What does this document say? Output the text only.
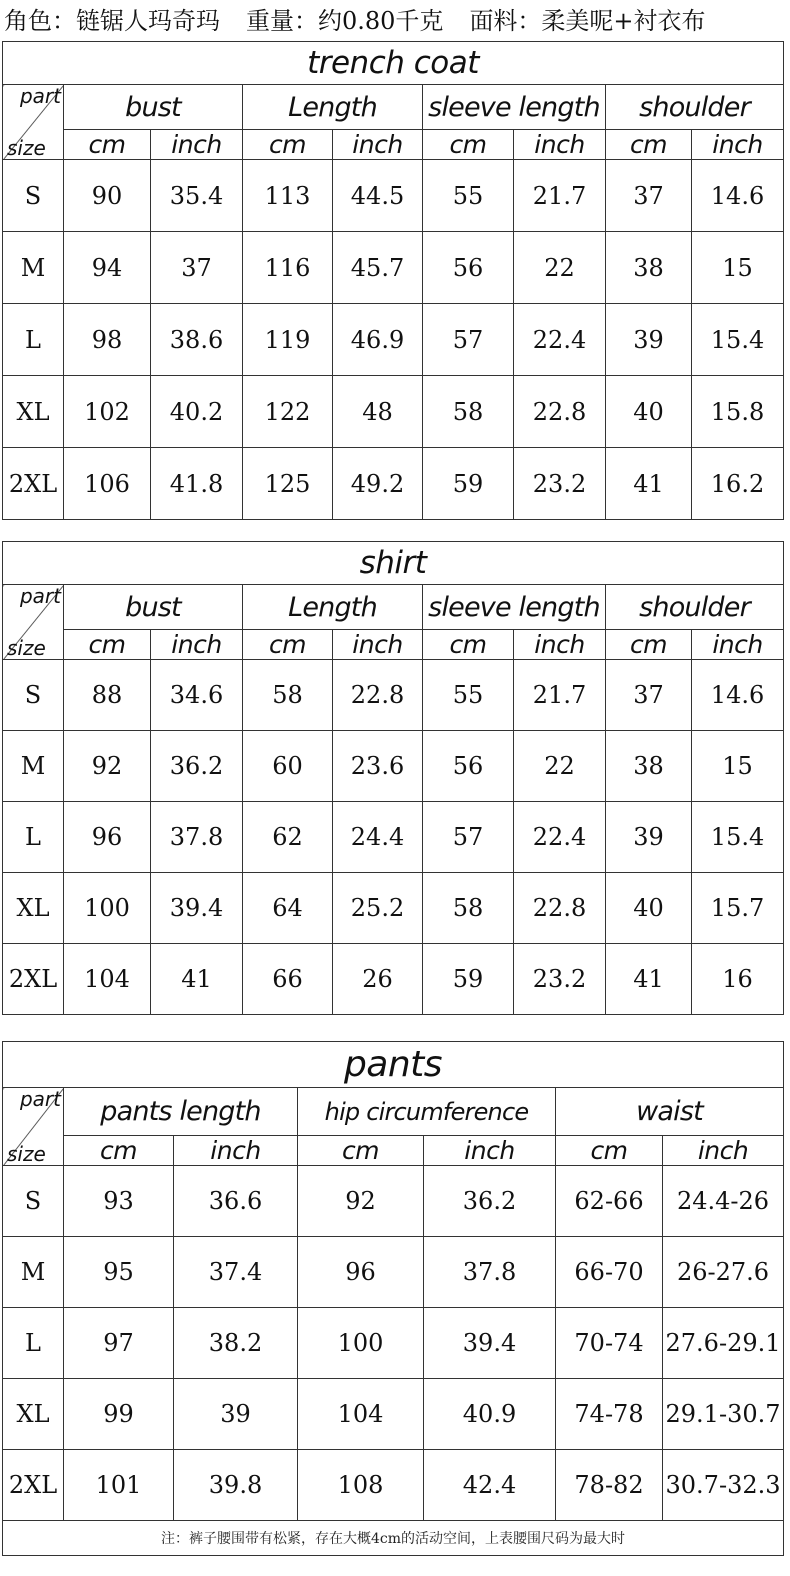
角色：链锯人玛奇玛 重量：约0.80千克 面料：柔美呢+衬衣布
trench coat								

part
size	bust		Length		sleeve length		shoulder	
	cm	inch	cm	inch	cm	inch	cm	inch
S	90	35.4	113	44.5	55	21.7	37	14.6
M	94	37	116	45.7	56	22	38	15
L	98	38.6	119	46.9	57	22.4	39	15.4
XL	102	40.2	122	48	58	22.8	40	15.8
2XL	106	41.8	125	49.2	59	23.2	41	16.2
shirt								

part
size	bust		Length		sleeve length		shoulder	
	cm	inch	cm	inch	cm	inch	cm	inch
S	88	34.6	58	22.8	55	21.7	37	14.6
M	92	36.2	60	23.6	56	22	38	15
L	96	37.8	62	24.4	57	22.4	39	15.4
XL	100	39.4	64	25.2	58	22.8	40	15.7
2XL	104	41	66	26	59	23.2	41	16
pants						

part
size	pants length		hip circumference		waist	
	cm	inch	cm	inch	cm	inch
S	93	36.6	92	36.2	62-66	24.4-26
M	95	37.4	96	37.8	66-70	26-27.6
L	97	38.2	100	39.4	70-74	27.6-29.1
XL	99	39	104	40.9	74-78	29.1-30.7
2XL	101	39.8	108	42.4	78-82	30.7-32.3
注：裤子腰围带有松紧，存在大概4cm的活动空间，上表腰围尺码为最大时						
